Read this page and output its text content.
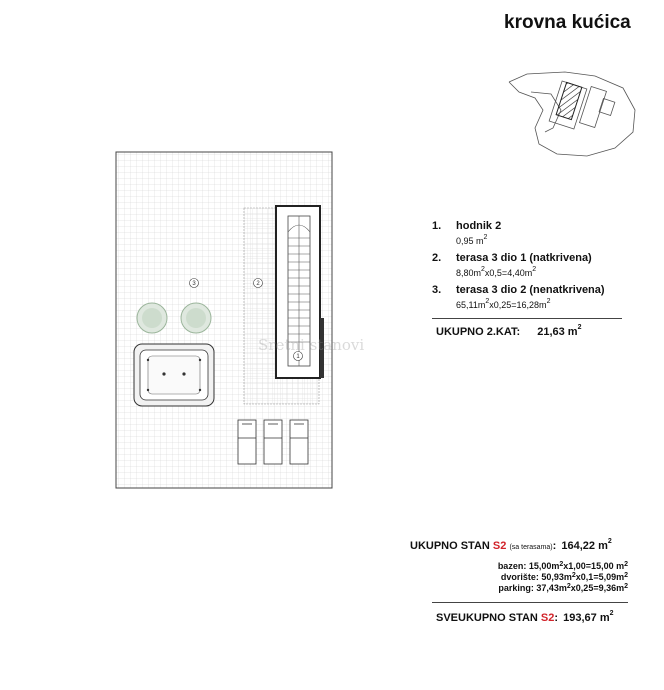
krovna kućica
3	2
1
Sretni stanovi
1. hodnik 2
0,95 $m^2$
2. terasa 3 dio 1 (natkrivena)
$8,80m^2x0,5=4,40m^2$
3. terasa 3 dio 2 (nenatkrivena)
$65,11m^2x0,25=16,28m^2$
UKUPNO 2.KAT: 21,63 $m^2$
UKUPNO STAN S2 (sa terasama): 164,22 $m^2$
bazen: $15,00m^2x1,00=15,00$ $m^2$
dvorište: $50,93m^2x0,1=5,09m^2$
parking: $37,43m^2x0,25=9,36m^2$
SVEUKUPNO STAN S2: 193,67 $m^2$
